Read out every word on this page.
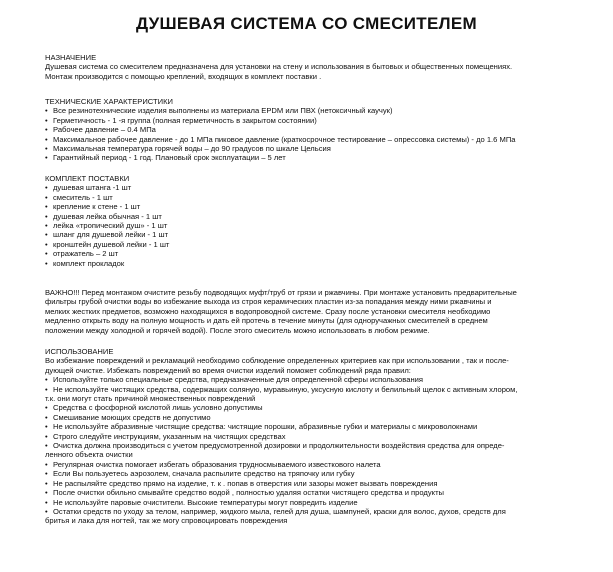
ДУШЕВАЯ СИСТЕМА СО СМЕСИТЕЛЕМ
НАЗНАЧЕНИЕ
Душевая система со смесителем предназначена для установки на стену и использования в бытовых и общественных помещениях.
Монтаж производится с помощью креплений, входящих в комплект поставки .
ТЕХНИЧЕСКИЕ ХАРАКТЕРИСТИКИ
• Все резинотехнические изделия выполнены из материала EPDM или ПВХ (нетоксичный каучук)
• Герметичность - 1 -я группа (полная герметичность в закрытом состоянии)
• Рабочее давление – 0.4 МПа
• Максимальное рабочее давление - до 1 МПа пиковое давление (краткосрочное тестирование – опрессовка системы) - до 1.6 МПа
• Максимальная температура горячей воды – до 90 градусов по шкале Цельсия
• Гарантийный период - 1 год. Плановый срок эксплуатации – 5 лет
КОМПЛЕКТ ПОСТАВКИ
• душевая штанга -1 шт
• смеситель - 1 шт
• крепление к стене - 1 шт
• душевая лейка обычная - 1 шт
• лейка «тропический душ» - 1 шт
• шланг для душевой лейки - 1 шт
• кронштейн душевой лейки - 1 шт
• отражатель – 2 шт
• комплект прокладок
ВАЖНО!!! Перед монтажом очистите резьбу подводящих муфт/труб от грязи и ржавчины. При монтаже установить предварительные
фильтры грубой очистки воды во избежание выхода из строя керамических пластин из-за попадания между ними ржавчины и
мелких жестких предметов, возможно находящихся в водопроводной системе. Сразу после установки смесителя необходимо
медленно открыть воду на полную мощность и дать ей протечь в течение минуты (для одноручажных смесителей в среднем
положении между холодной и горячей водой). После этого смеситель можно использовать в любом режиме.
ИСПОЛЬЗОВАНИЕ
Во избежание повреждений и рекламаций необходимо соблюдение определенных критериев как при использовании , так и после-
дующей очистке. Избежать повреждений во время очистки изделий поможет соблюдений ряда правил:
• Используйте только специальные средства, предназначенные для определенной сферы использования
• Не используйте чистящих средства, содержащих соляную, муравьиную, уксусную кислоту и белильный щелок с активным хлором,
т.к. они могут стать причиной множественных повреждений
• Средства с фосфорной кислотой лишь условно допустимы
• Смешивание моющих средств не допустимо
• Не используйте абразивные чистящие средства: чистящие порошки, абразивные губки и материалы с микроволокнами
• Строго следуйте инструкциям, указанным на чистящих средствах
• Очистка должна производиться с учетом предусмотренной дозировки и продолжительности воздействия средства для опреде-
ленного объекта очистки
• Регулярная очистка помогает избегать образования трудносмываемого известкового налета
• Если Вы пользуетесь аэрозолем, сначала распылите средство на тряпочку или губку
• Не распыляйте средство прямо на изделие, т. к . попав в отверстия или зазоры может вызвать повреждения
• После очистки обильно смывайте средство водой , полностью удаляя остатки чистящего средства и продукты
• Не используйте паровые очистители. Высокие температуры могут повредить изделие
• Остатки средств по уходу за телом, например, жидкого мыла, гелей для душа, шампуней, краски для волос, духов, средств для
бритья и лака для ногтей, так же могу спровоцировать повреждения
